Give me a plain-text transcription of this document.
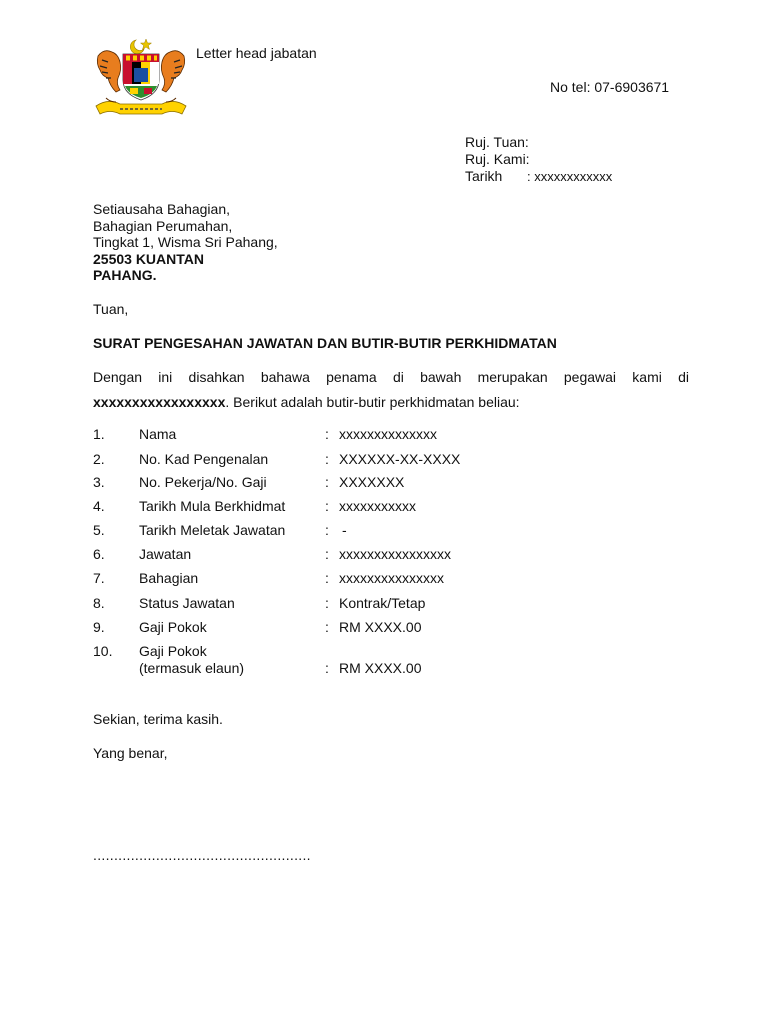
Letter head jabatan
No tel: 07-6903671
Ruj. Tuan:
Ruj. Kami:
Tarikh : xxxxxxxxxxxx
Setiausaha Bahagian,
Bahagian Perumahan,
Tingkat 1, Wisma Sri Pahang,
25503 KUANTAN
PAHANG.
Tuan,
SURAT PENGESAHAN JAWATAN DAN BUTIR-BUTIR PERKHIDMATAN
Dengan ini disahkan bahawa penama di bawah merupakan pegawai kami di
xxxxxxxxxxxxxxxxx. Berikut adalah butir-butir perkhidmatan beliau:
1. Nama	: xxxxxxxxxxxxxx
2. No. Kad Pengenalan	: XXXXXX-XX-XXXX
3. No. Pekerja/No. Gaji	: XXXXXXX
4. Tarikh Mula Berkhidmat	: xxxxxxxxxxx
5. Tarikh Meletak Jawatan	: -
6. Jawatan	: xxxxxxxxxxxxxxxx
7. Bahagian	: xxxxxxxxxxxxxxx
8. Status Jawatan	: Kontrak/Tetap
9. Gaji Pokok	: RM XXXX.00
10. Gaji Pokok
(termasuk elaun)	: RM XXXX.00
Sekian, terima kasih.
Yang benar,
....................................................
